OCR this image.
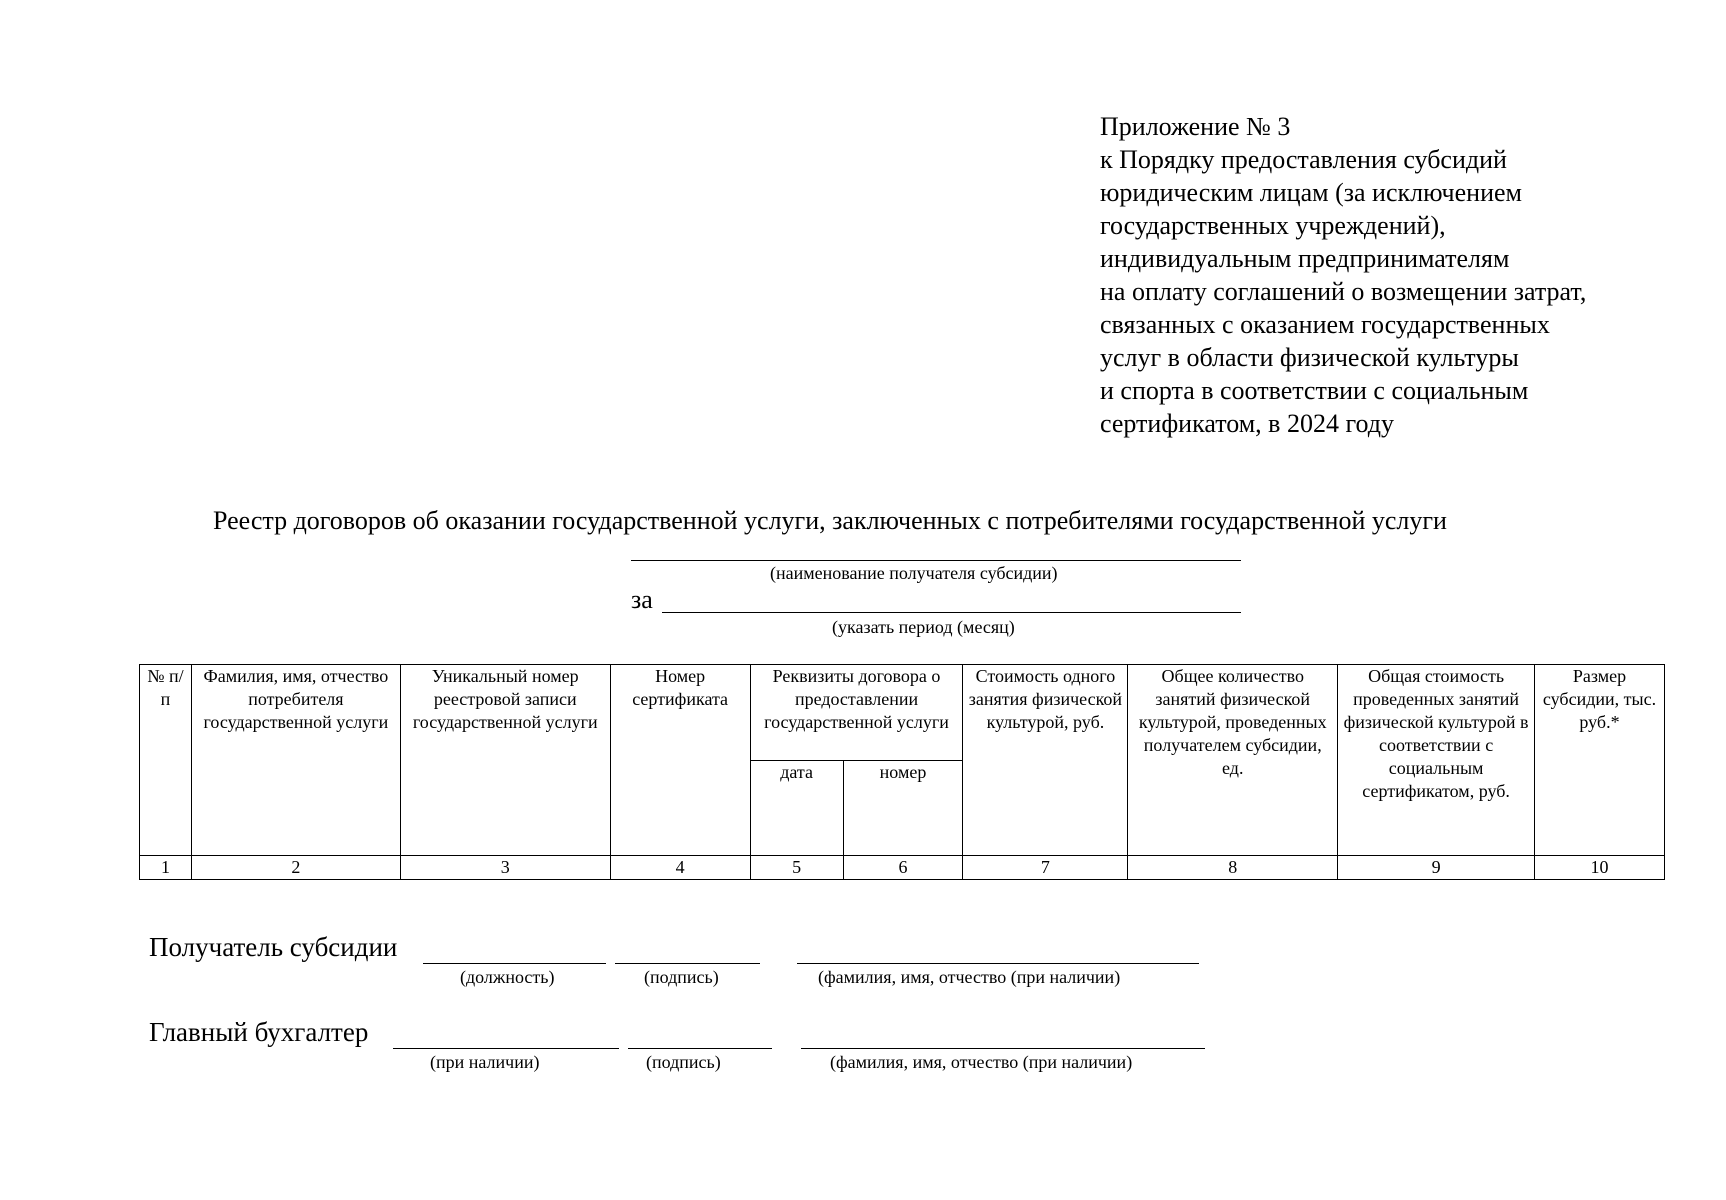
Приложение № 3
к Порядку предоставления субсидий
юридическим лицам (за исключением
государственных учреждений),
индивидуальным предпринимателям
на оплату соглашений о возмещении затрат,
связанных с оказанием государственных
услуг в области физической культуры
и спорта в соответствии с социальным
сертификатом, в 2024 году
Реестр договоров об оказании государственной услуги, заключенных с потребителями государственной услуги
(наименование получателя субсидии)
за
(указать период (месяц)
№ п/п	Фамилия, имя, отчество потребителя государственной услуги	Уникальный номер реестровой записи государственной услуги	Номер сертификата	Реквизиты договора о предоставлении государственной услуги		Стоимость одного занятия физической культурой, руб.	Общее количество занятий физической культурой, проведенных получателем субсидии, ед.	Общая стоимость проведенных занятий физической культурой в соответствии с социальным сертификатом, руб.	Размер субсидии, тыс. руб.*
				дата	номер				
1	2	3	4	5	6	7	8	9	10
Получатель субсидии
(должность)	(подпись)	(фамилия, имя, отчество (при наличии)
Главный бухгалтер
(при наличии)	(подпись)	(фамилия, имя, отчество (при наличии)
